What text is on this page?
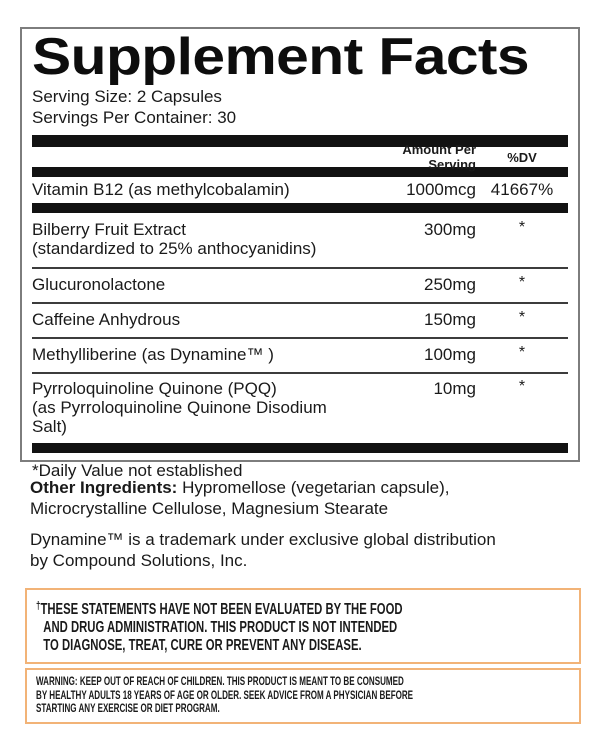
Supplement Facts
Serving Size: 2 Capsules
Servings Per Container: 30
Amount Per Serving	%DV
Vitamin B12 (as methylcobalamin)	1000mcg 41667%
Bilberry Fruit Extract
(standardized to 25% anthocyanidins)
300mg	*
Glucuronolactone	250mg	*
Caffeine Anhydrous	150mg	*
Methylliberine (as Dynamine™ )	100mg	*
Pyrroloquinoline Quinone (PQQ)
(as Pyrroloquinoline Quinone Disodium Salt)
10mg	*
*Daily Value not established
Other Ingredients: Hypromellose (vegetarian capsule),
Microcrystalline Cellulose, Magnesium Stearate
Dynamine™ is a trademark under exclusive global distribution
by Compound Solutions, Inc.
†THESE STATEMENTS HAVE NOT BEEN EVALUATED BY THE FOOD
AND DRUG ADMINISTRATION. THIS PRODUCT IS NOT INTENDED
TO DIAGNOSE, TREAT, CURE OR PREVENT ANY DISEASE.
WARNING: KEEP OUT OF REACH OF CHILDREN. THIS PRODUCT IS MEANT TO BE CONSUMED
BY HEALTHY ADULTS 18 YEARS OF AGE OR OLDER. SEEK ADVICE FROM A PHYSICIAN BEFORE
STARTING ANY EXERCISE OR DIET PROGRAM.
